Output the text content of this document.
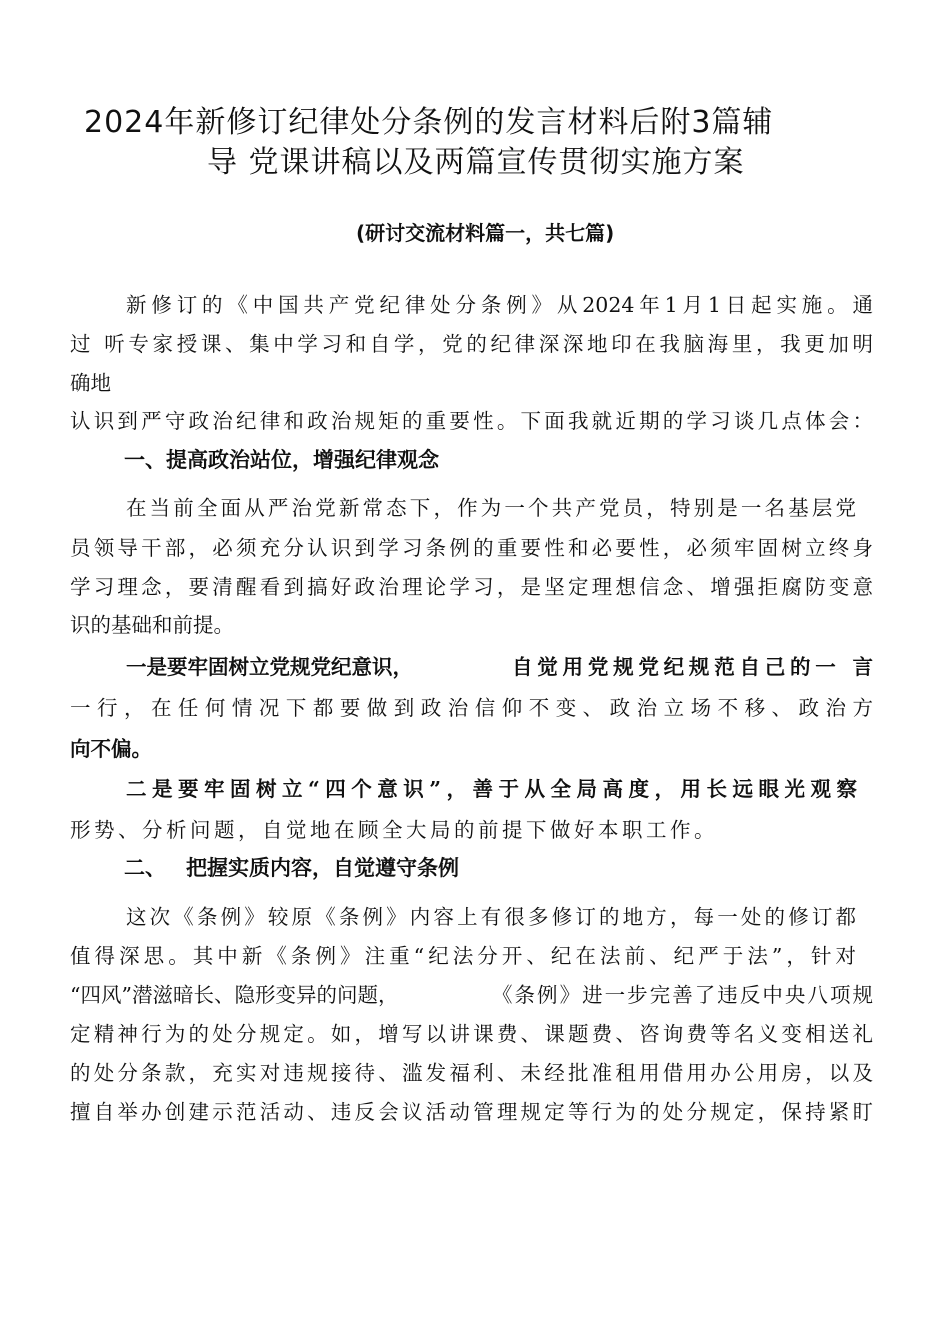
2024年新修订纪律处分条例的发言材料后附3篇辅
导 党课讲稿以及两篇宣传贯彻实施方案
(研讨交流材料篇一，共七篇)

新修订的《中国共产党纪律处分条例》从2024年1月1日起实施。通

过 听专家授课、集中学习和自学，党的纪律深深地印在我脑海里，我更加明

确地

认识到严守政治纪律和政治规矩的重要性。下面我就近期的学习谈几点体会：

一、提高政治站位，增强纪律观念

在当前全面从严治党新常态下，作为一个共产党员，特别是一名基层党

员领导干部，必须充分认识到学习条例的重要性和必要性，必须牢固树立终身

学习理念，要清醒看到搞好政治理论学习，是坚定理想信念、增强拒腐防变意

识的基础和前提。

一是要牢固树立党规党纪意识，	自觉用党规党纪规范自己的一 言

一行，在任何情况下都要做到政治信仰不变、政治立场不移、政治方

向不偏。

二是要牢固树立“四个意识”，善于从全局高度，用长远眼光观察

形势、分析问题，自觉地在顾全大局的前提下做好本职工作。

二、 把握实质内容，自觉遵守条例

这次《条例》较原《条例》内容上有很多修订的地方，每一处的修订都

值得深思。其中新《条例》注重“纪法分开、纪在法前、纪严于法”，针对

“四风”潜滋暗长、隐形变异的问题，	《条例》进一步完善了违反中央八项规

定精神行为的处分规定。如，增写以讲课费、课题费、咨询费等名义变相送礼

的处分条款，充实对违规接待、滥发福利、未经批准租用借用办公用房，以及

擅自举办创建示范活动、违反会议活动管理规定等行为的处分规定，保持紧盯
